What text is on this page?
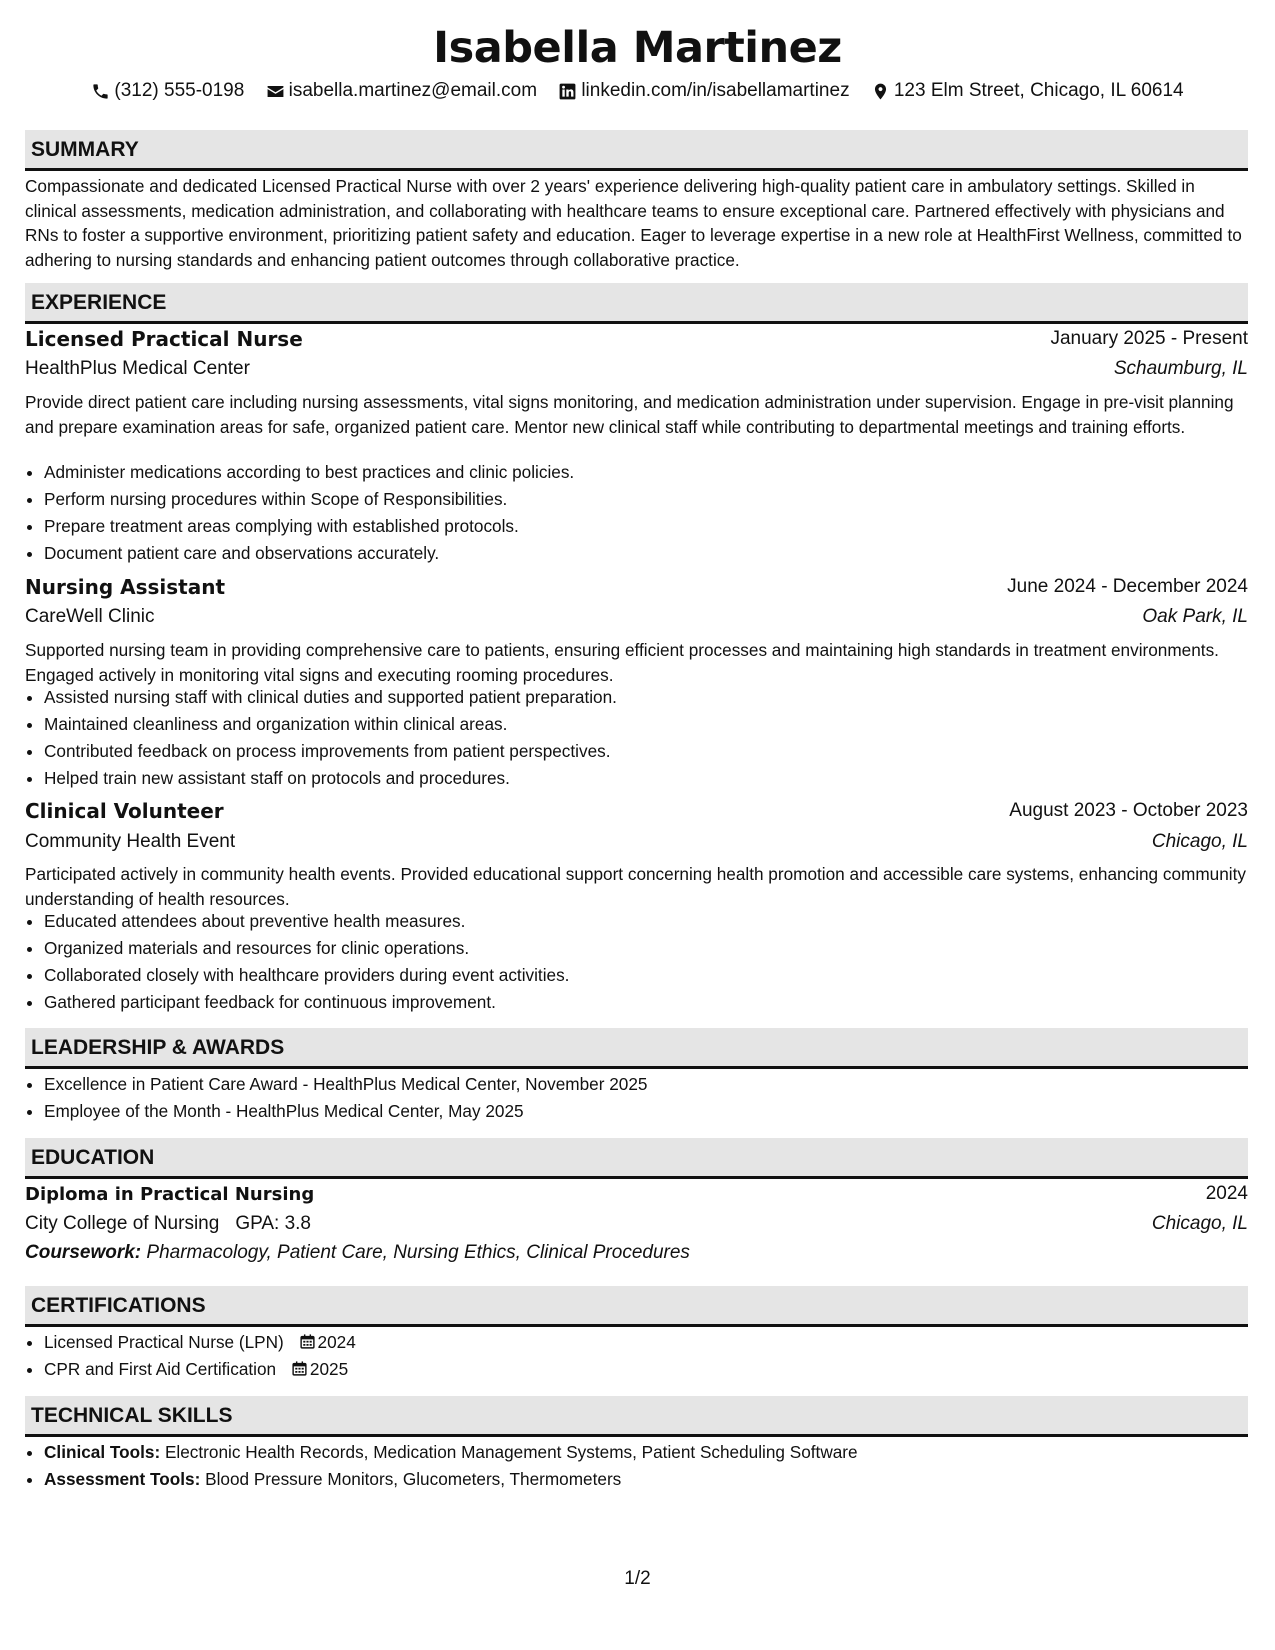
Isabella Martinez
(312) 555-0198
isabella.martinez@email.com
linkedin.com/in/isabellamartinez
123 Elm Street, Chicago, IL 60614
SUMMARY
Compassionate and dedicated Licensed Practical Nurse with over 2 years' experience delivering high-quality patient care in ambulatory settings. Skilled in clinical assessments, medication administration, and collaborating with healthcare teams to ensure exceptional care. Partnered effectively with physicians and RNs to foster a supportive environment, prioritizing patient safety and education. Eager to leverage expertise in a new role at HealthFirst Wellness, committed to adhering to nursing standards and enhancing patient outcomes through collaborative practice.
EXPERIENCE
Licensed Practical Nurse	January 2025 - Present
HealthPlus Medical Center	Schaumburg, IL
Provide direct patient care including nursing assessments, vital signs monitoring, and medication administration under supervision. Engage in pre-visit planning and prepare examination areas for safe, organized patient care. Mentor new clinical staff while contributing to departmental meetings and training efforts.
• Administer medications according to best practices and clinic policies.
• Perform nursing procedures within Scope of Responsibilities.
• Prepare treatment areas complying with established protocols.
• Document patient care and observations accurately.
Nursing Assistant	June 2024 - December 2024
CareWell Clinic	Oak Park, IL
Supported nursing team in providing comprehensive care to patients, ensuring efficient processes and maintaining high standards in treatment environments. Engaged actively in monitoring vital signs and executing rooming procedures.
• Assisted nursing staff with clinical duties and supported patient preparation.
• Maintained cleanliness and organization within clinical areas.
• Contributed feedback on process improvements from patient perspectives.
• Helped train new assistant staff on protocols and procedures.
Clinical Volunteer	August 2023 - October 2023
Community Health Event	Chicago, IL
Participated actively in community health events. Provided educational support concerning health promotion and accessible care systems, enhancing community understanding of health resources.
• Educated attendees about preventive health measures.
• Organized materials and resources for clinic operations.
• Collaborated closely with healthcare providers during event activities.
• Gathered participant feedback for continuous improvement.
LEADERSHIP & AWARDS
• Excellence in Patient Care Award - HealthPlus Medical Center, November 2025
• Employee of the Month - HealthPlus Medical Center, May 2025
EDUCATION
Diploma in Practical Nursing	2024
City College of Nursing GPA: 3.8	Chicago, IL
Coursework: Pharmacology, Patient Care, Nursing Ethics, Clinical Procedures
CERTIFICATIONS
• Licensed Practical Nurse (LPN) 2024
• CPR and First Aid Certification 2025
TECHNICAL SKILLS
• Clinical Tools: Electronic Health Records, Medication Management Systems, Patient Scheduling Software
• Assessment Tools: Blood Pressure Monitors, Glucometers, Thermometers
1/2
